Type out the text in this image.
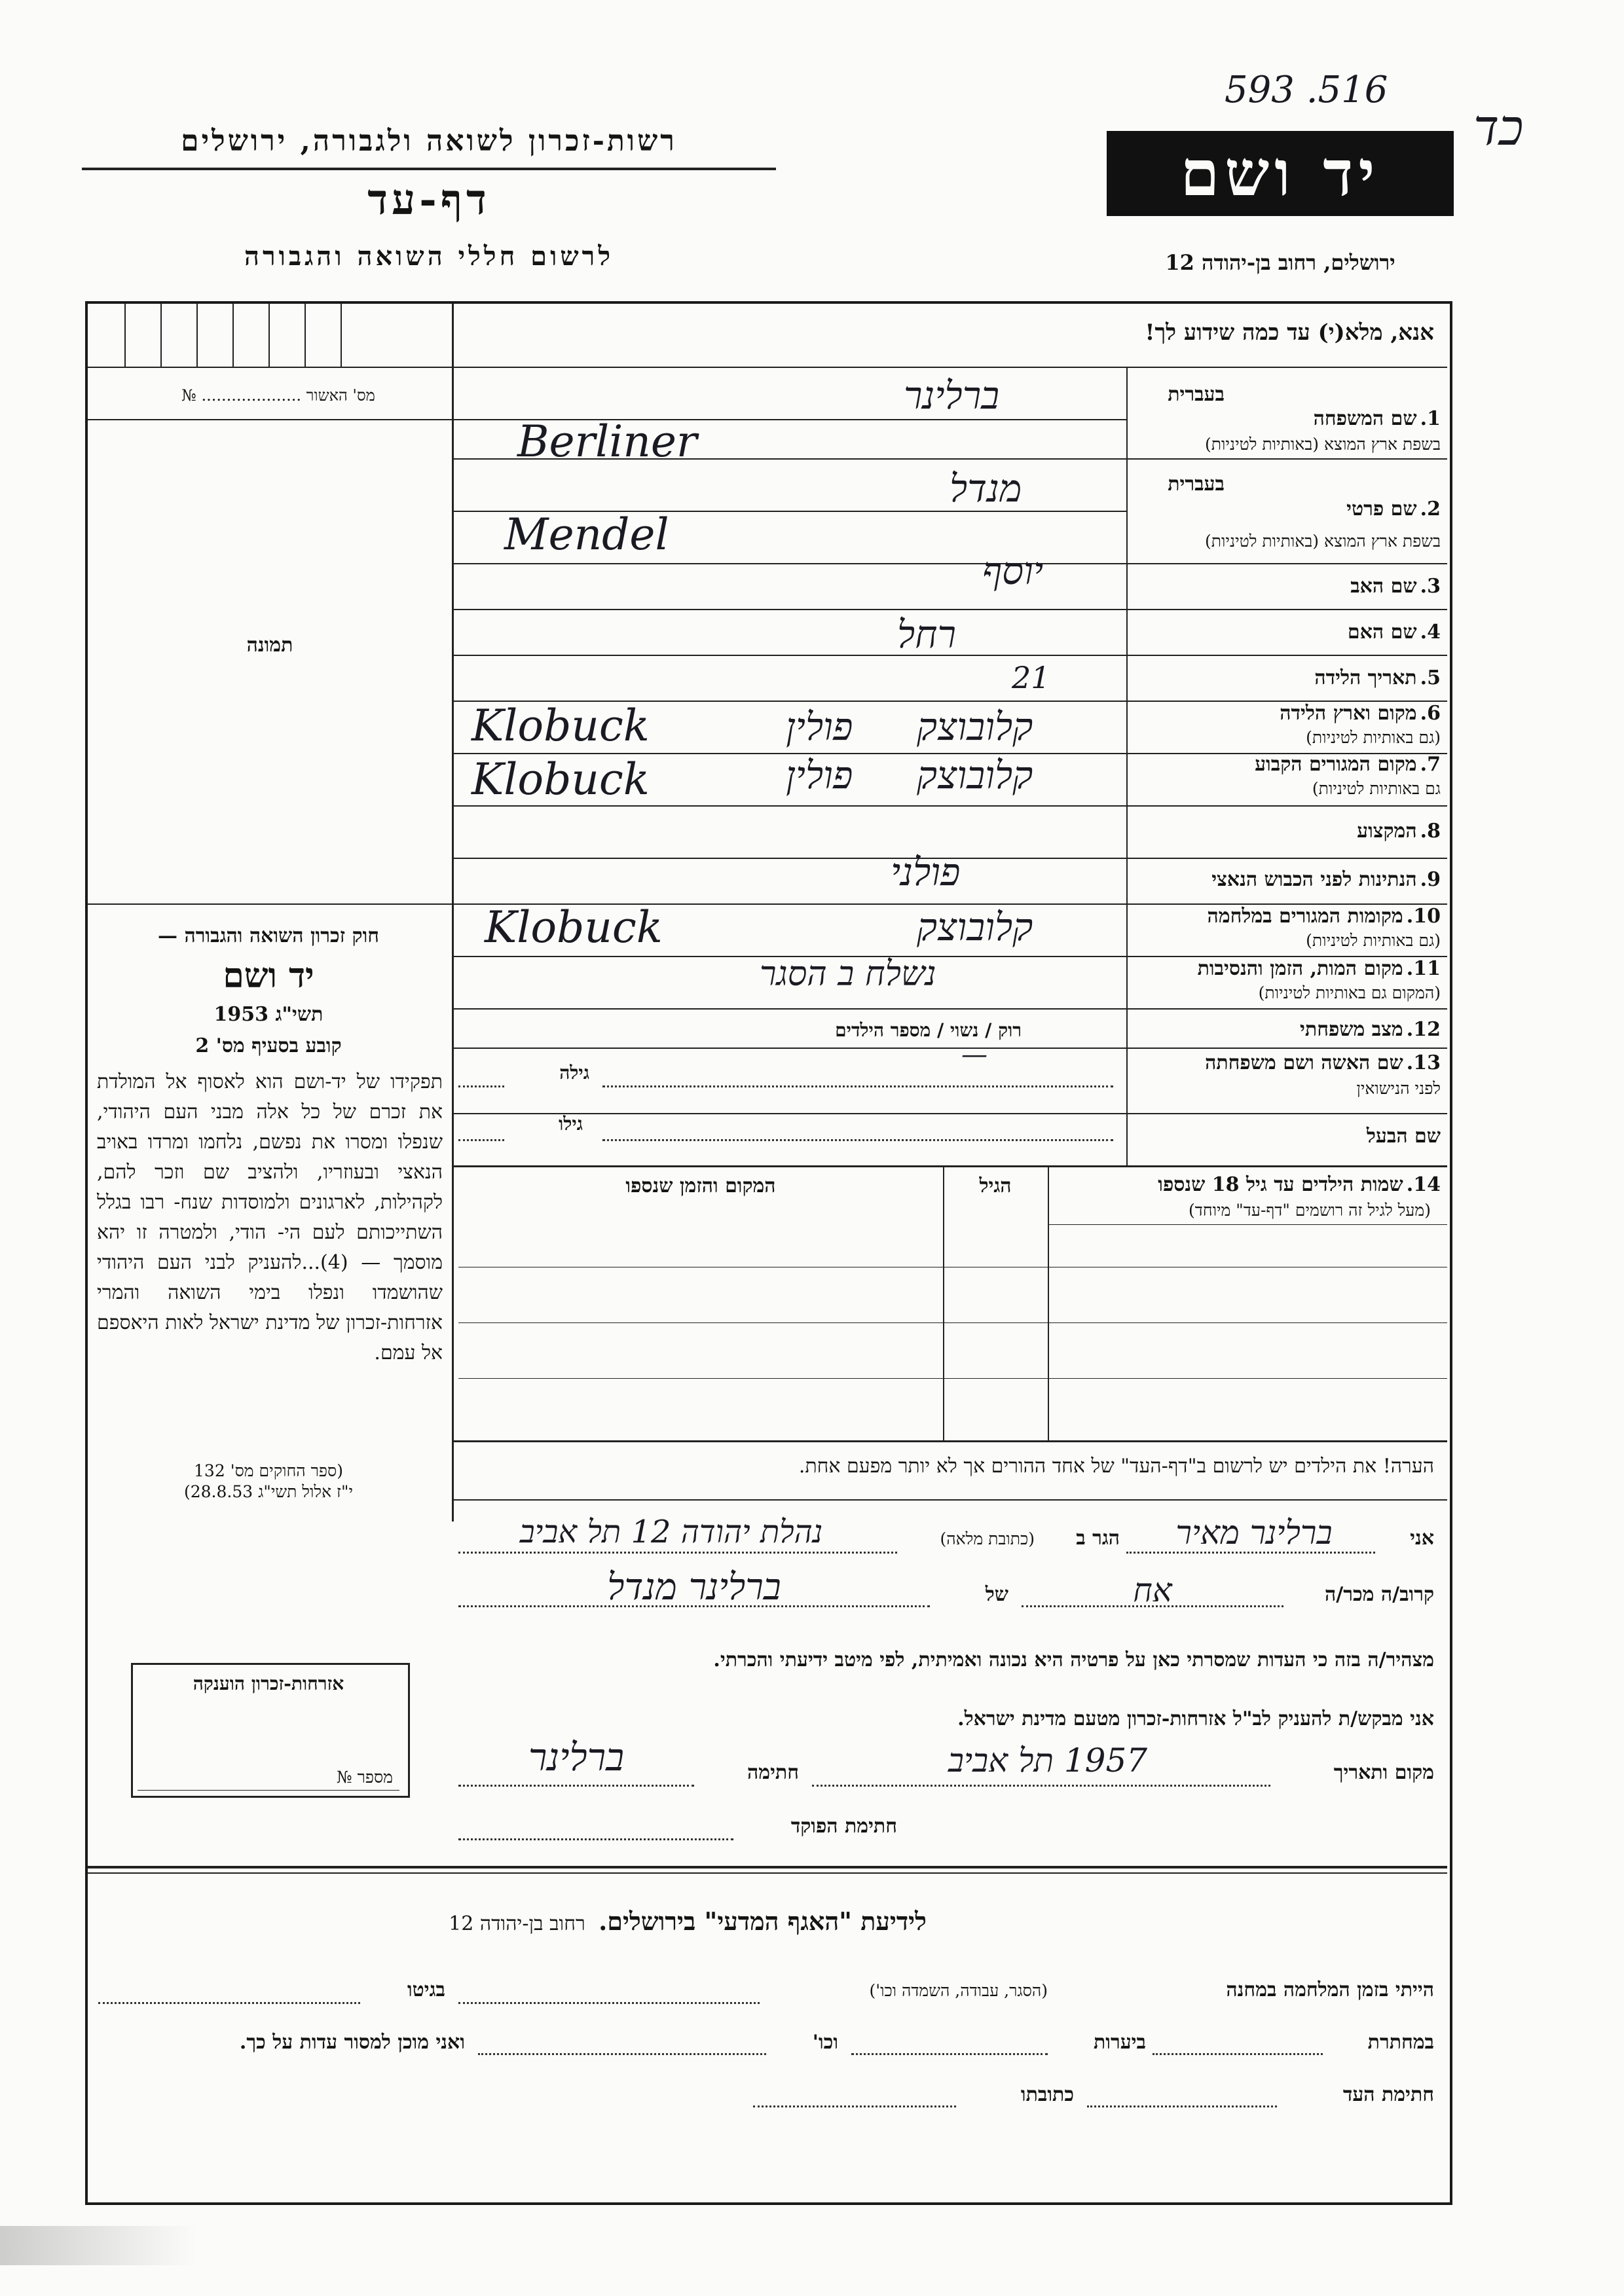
רשות-זכרון לשואה ולגבורה, ירושלים
דף-עד
לרשום חללי השואה והגבורה
יד ושם
ירושלים, רחוב בן-יהודה 12
593 .516
כד
אנא, מלא(י) עד כמה שידוע לך!
מס' האשור .................... №
תמונה
בעברית
1. שם המשפחה
בשפת ארץ המוצא (באותיות לטיניות)
ברלינר
Berliner
בעברית
2. שם פרטי
בשפת ארץ המוצא (באותיות לטיניות)
מנדל
Mendel
3. שם האב
יוסף
4. שם האם
רחל
5. תאריך הלידה
21
6. מקום וארץ הלידה
(גם באותיות לטיניות)
Klobuck	קלובוצק
פולין
7. מקום המגורים הקבוע
גם באותיות לטיניות)
Klobuck	קלובוצק
פולין
8. המקצוע
9. הנתינות לפני הכבוש הנאצי
פולני
10. מקומות המגורים במלחמה
(גם באותיות לטיניות)
Klobuck	קלובוצק
11. מקום המות, הזמן והנסיבות
(המקום גם באותיות לטיניות)
נשלח ב הסגר
12. מצב משפחתי
רוק / נשוי / מספר הילדים
—	13. שם האשה ושם משפחתה
לפני הנישואין
גילה
שם הבעל
גילו
14. שמות הילדים עד גיל 18 שנספו
(מעל לגיל זה רושמים "דף-עד" מיוחד)
הגיל
המקום והזמן שנספו
חוק זכרון השואה והגבורה —
יד ושם
תשי"ג 1953
קובע בסעיף מס' 2
תפקידו של יד-ושם הוא לאסוף אל המולדת את זכרם של כל אלה מבני העם היהודי, שנפלו ומסרו את נפשם, נלחמו ומרדו באויב הנאצי ובעוזריו, ולהציב שם וזכר להם, לקהילות, לארגונים ולמוסדות שנח- רבו בגלל השתייכותם לעם הי- הודי, ולמטרה זו יהא מוסמך — (4)...להעניק לבני העם היהודי שהושמדו ונפלו בימי השואה והמרי אזרחות-זכרון של מדינת ישראל לאות היאספם אל עמם.
(ספר החוקים מס' 132
י"ז אלול תשי"ג 28.8.53)
אזרחות-זכרון הוענקה
מספר №
הערה! את הילדים יש לרשום ב"דף-העד" של אחד ההורים אך לא יותר מפעם אחת.
אני
ברלינר מאיר
הגר ב
(כתובת מלאה)
נהלת יהודה 12 תל אביב
קרוב/ה מכר/ה
אח
של
ברלינר מנדל
מצהיר/ה בזה כי העדות שמסרתי כאן על פרטיה היא נכונה ואמיתית, לפי מיטב ידיעתי והכרתי.
אני מבקש/ת להעניק לב"ל אזרחות-זכרון מטעם מדינת ישראל.
מקום ותאריך
1957 תל אביב
חתימה
ברלינר
חתימת הפוקד
לידיעת "האגף המדעי" בירושלים.    רחוב בן-יהודה 12
הייתי בזמן המלחמה במחנה
(הסגר, עבודה, השמדה וכו')
בגיטו
במחתרת
ביערות
וכו'
ואני מוכן למסור עדות על כך.
חתימת העד
כתובתו
